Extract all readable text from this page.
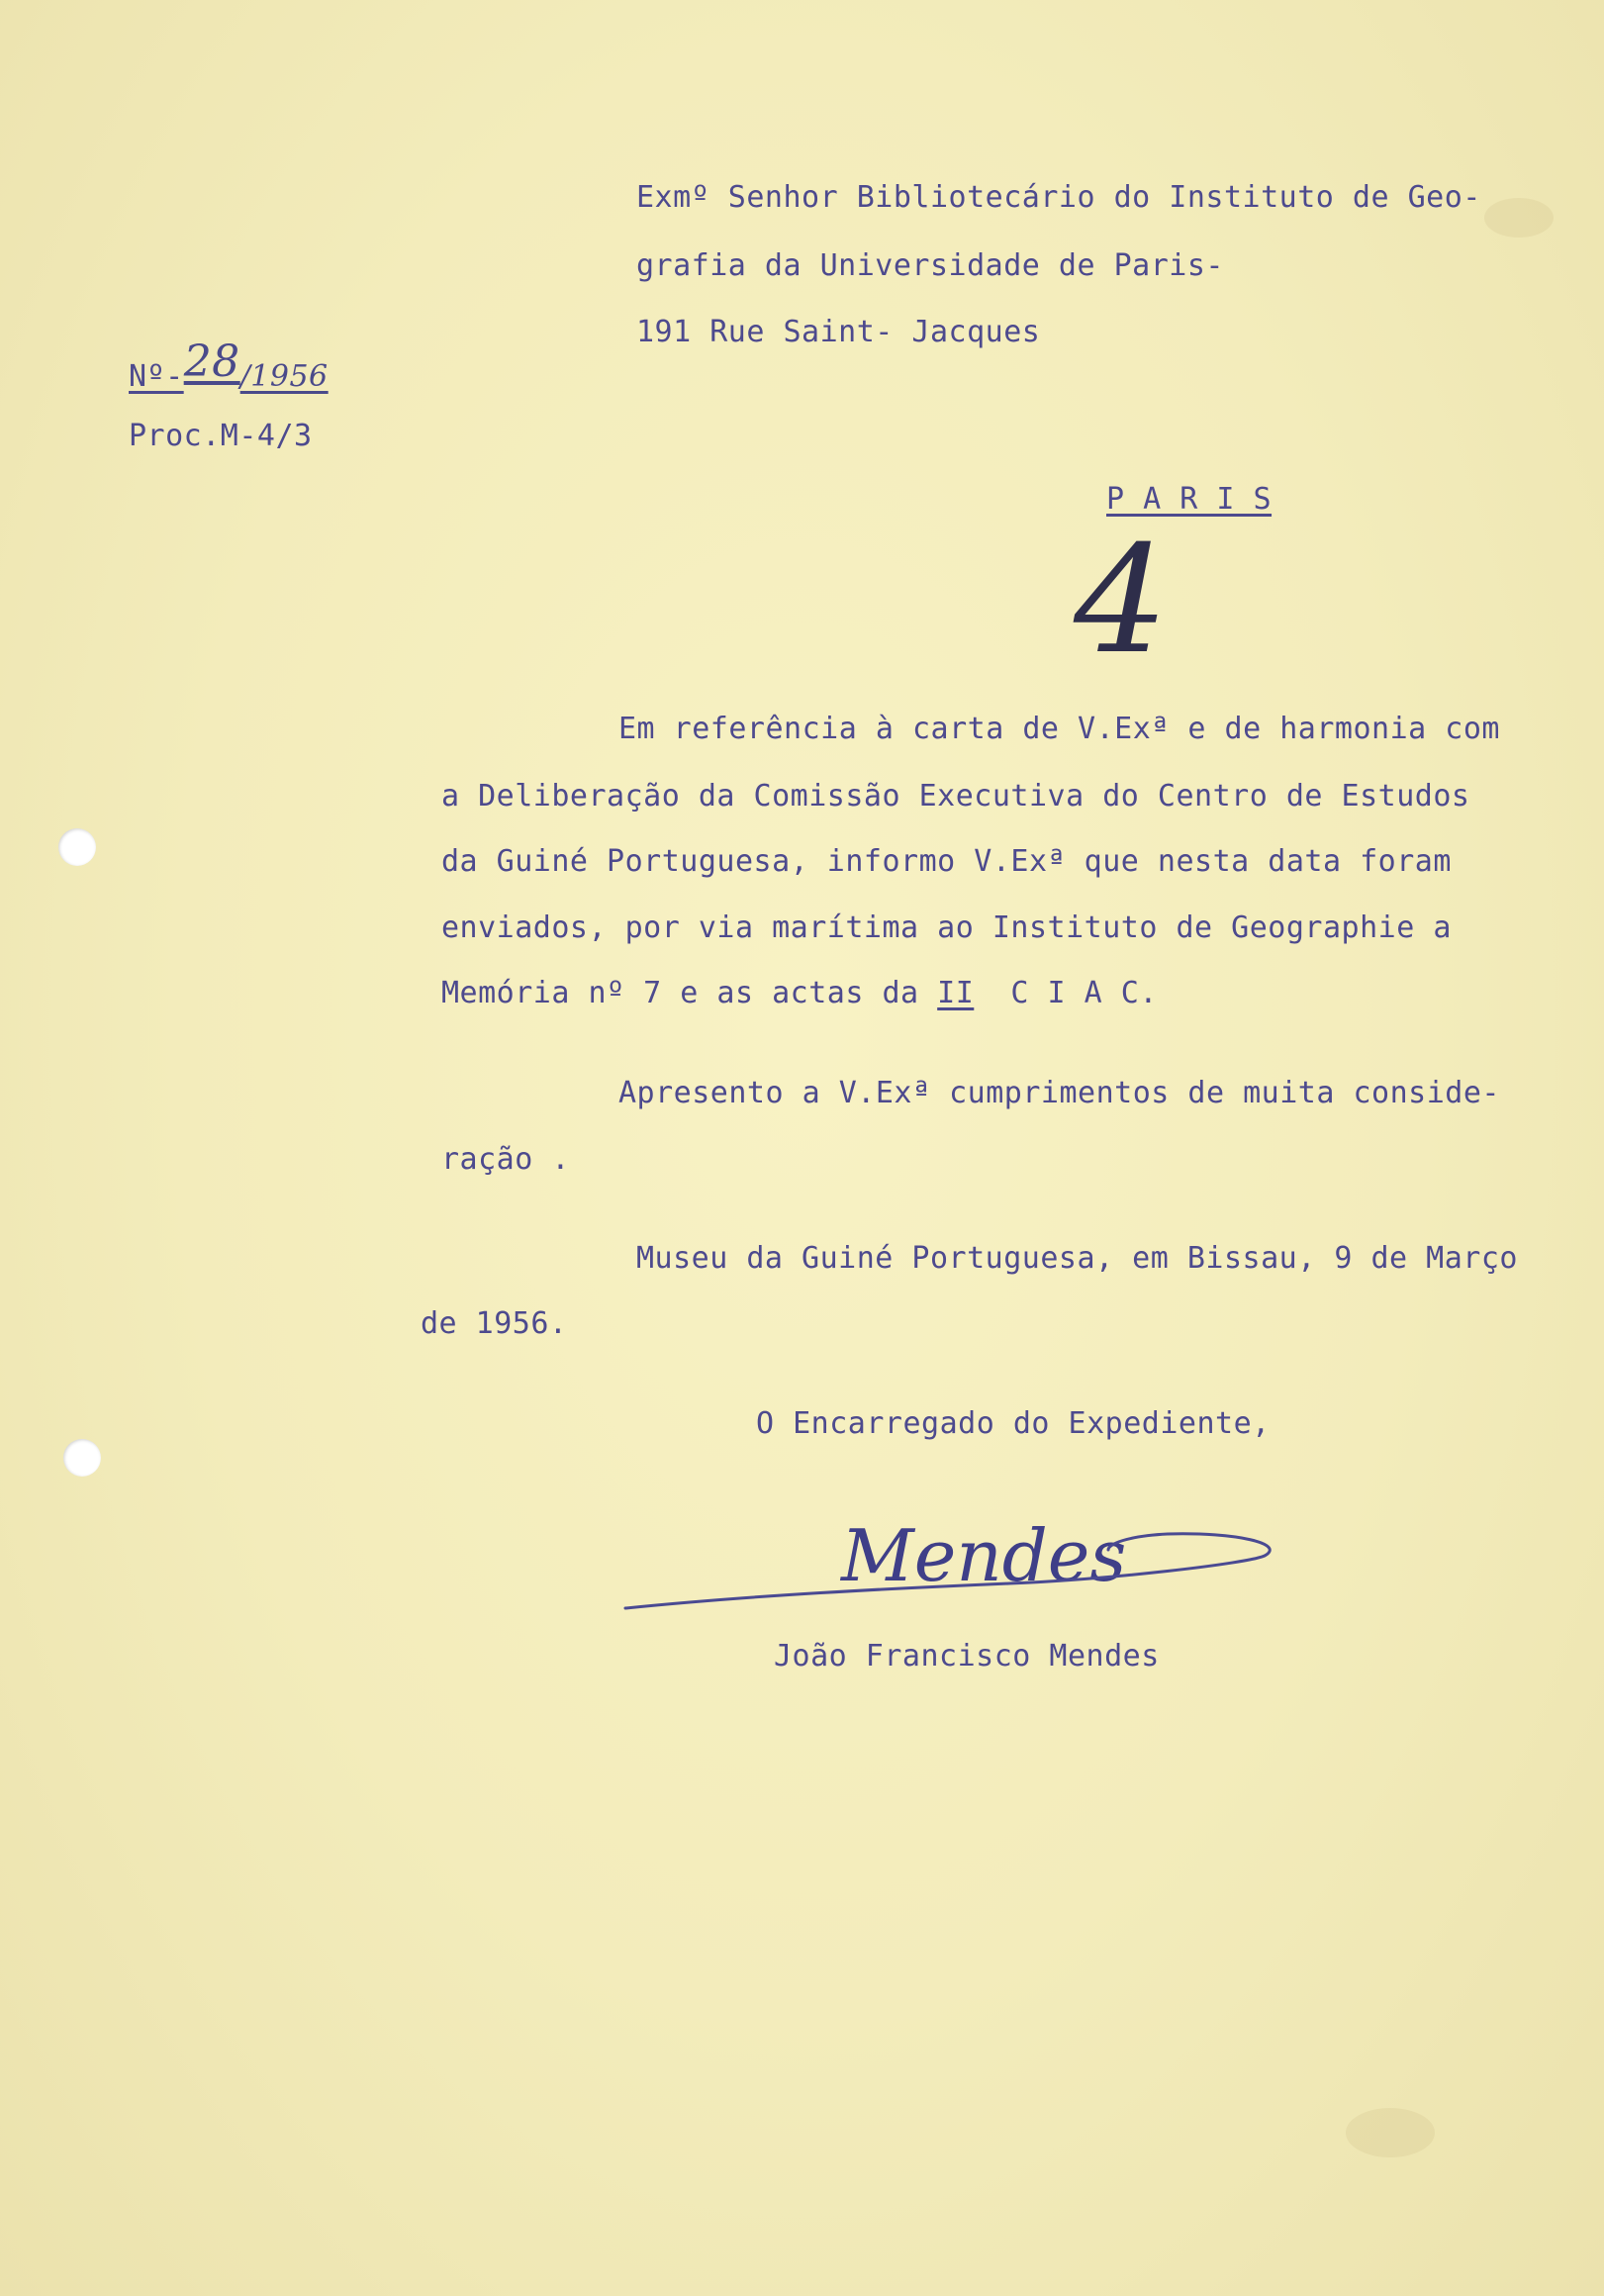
Exmº Senhor Bibliotecário do Instituto de Geo-
grafia da Universidade de Paris-
191 Rue Saint- Jacques
Nº-28/1956
Proc.M-4/3
P A R I S
4
Em referência à carta de V.Exª e de harmonia com
a Deliberação da Comissão Executiva do Centro de Estudos
da Guiné Portuguesa, informo V.Exª que nesta data foram
enviados, por via marítima ao Instituto de Geographie a
Memória nº 7 e as actas da II  C I A C.
Apresento a V.Exª cumprimentos de muita conside-
ração .
Museu da Guiné Portuguesa, em Bissau, 9 de Março
de 1956.
O Encarregado do Expediente,
Mendes
João Francisco Mendes
